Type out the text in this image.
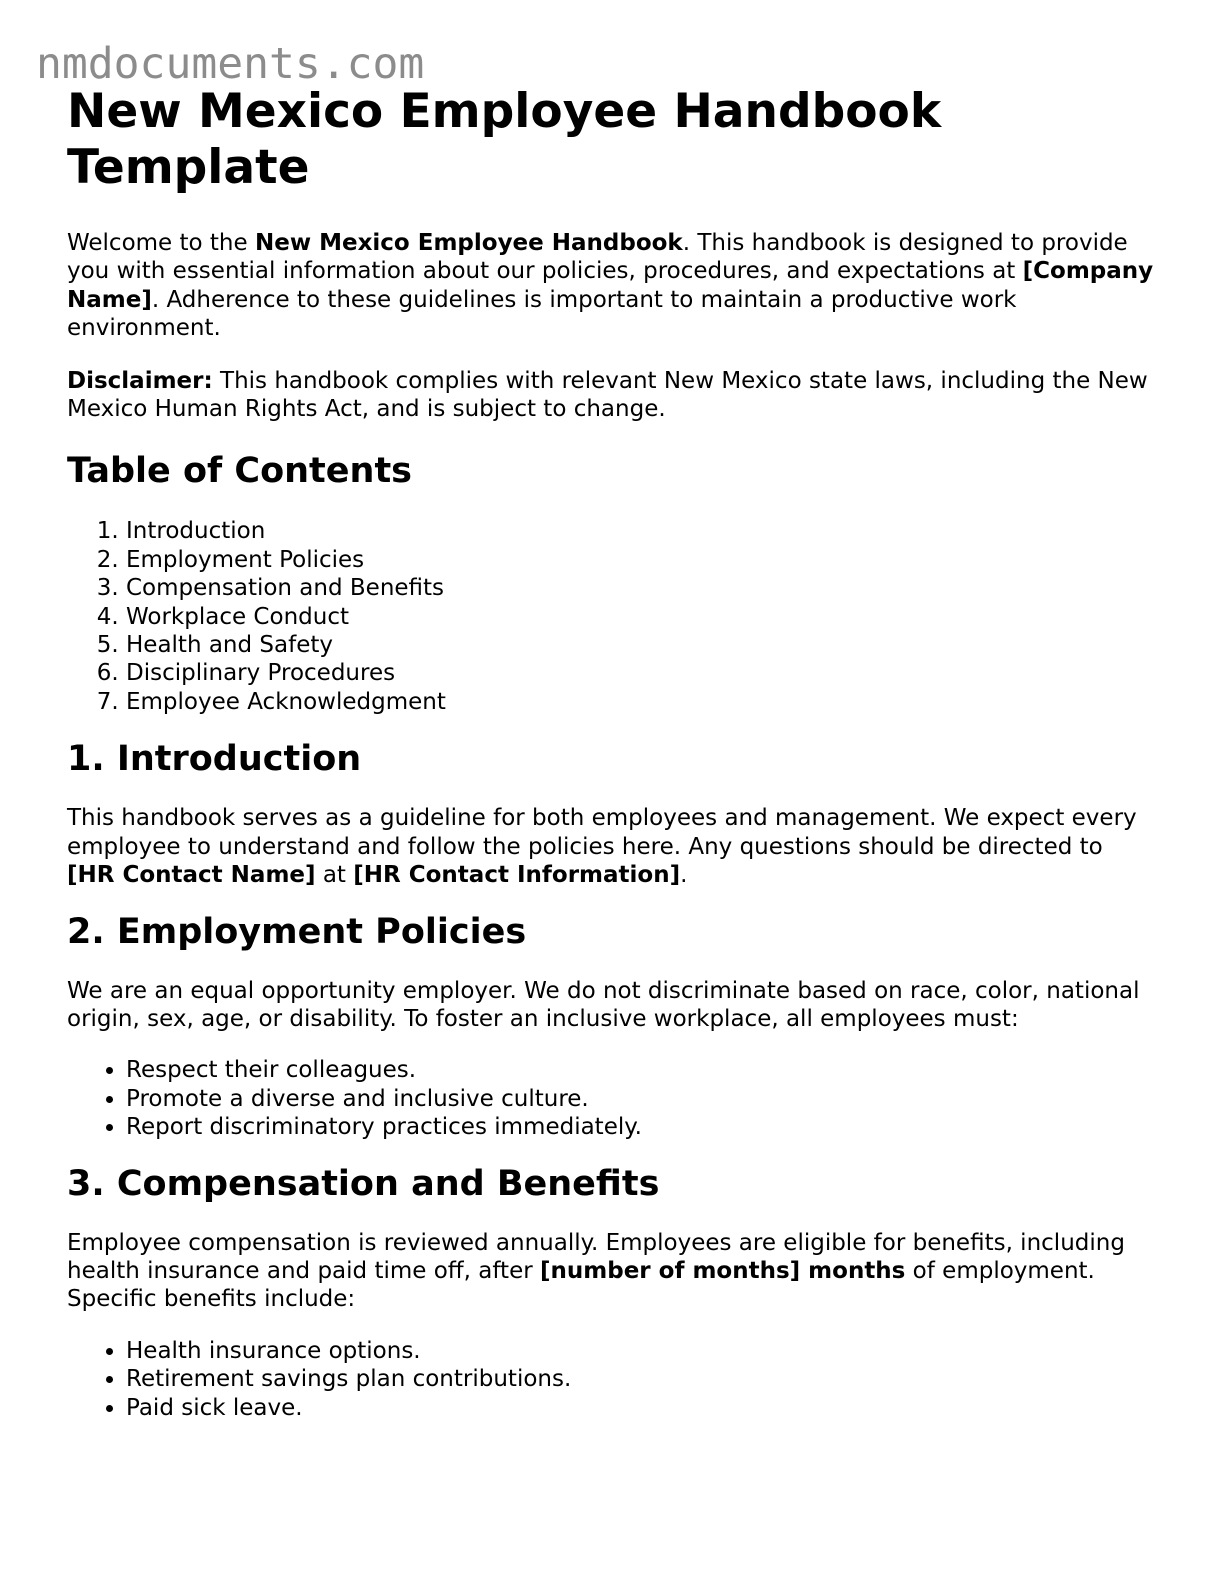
nmdocuments.com
New Mexico Employee Handbook Template

Welcome to the New Mexico Employee Handbook. This handbook is designed to provide you with essential information about our policies, procedures, and expectations at [Company Name]. Adherence to these guidelines is important to maintain a productive work environment.

Disclaimer: This handbook complies with relevant New Mexico state laws, including the New Mexico Human Rights Act, and is subject to change.

Table of Contents
1. Introduction
2. Employment Policies
3. Compensation and Benefits
4. Workplace Conduct
5. Health and Safety
6. Disciplinary Procedures
7. Employee Acknowledgment
1. Introduction

This handbook serves as a guideline for both employees and management. We expect every employee to understand and follow the policies here. Any questions should be directed to [HR Contact Name] at [HR Contact Information].

2. Employment Policies

We are an equal opportunity employer. We do not discriminate based on race, color, national origin, sex, age, or disability. To foster an inclusive workplace, all employees must:

• Respect their colleagues.
• Promote a diverse and inclusive culture.
• Report discriminatory practices immediately.
3. Compensation and Benefits

Employee compensation is reviewed annually. Employees are eligible for benefits, including health insurance and paid time off, after [number of months] months of employment. Specific benefits include:

• Health insurance options.
• Retirement savings plan contributions.
• Paid sick leave.
